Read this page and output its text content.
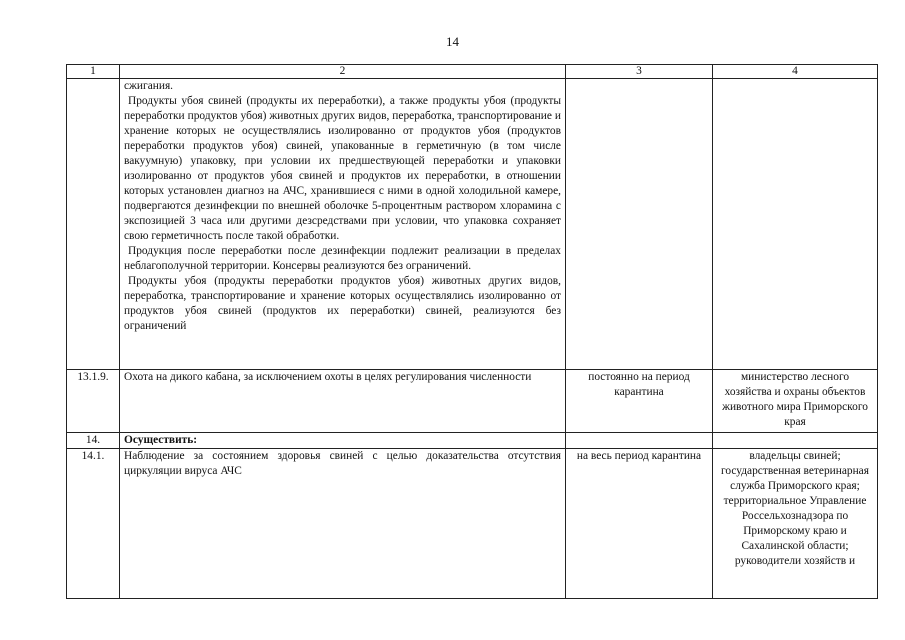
14
1	2	3	4

	сжигания.
Продукты убоя свиней (продукты их переработки), а также продукты убоя (продукты переработки продуктов убоя) животных других видов, переработка, транспортирование и хранение которых не осуществлялись изолированно от продуктов убоя (продуктов переработки продуктов убоя) свиней, упакованные в герметичную (в том числе вакуумную) упаковку, при условии их предшествующей переработки и упаковки изолированно от продуктов убоя свиней и продуктов их переработки, в отношении которых установлен диагноз на АЧС, хранившиеся с ними в одной холодильной камере, подвергаются дезинфекции по внешней оболочке 5-процентным раствором хлорамина с экспозицией 3 часа или другими дезсредствами при условии, что упаковка сохраняет свою герметичность после такой обработки.
Продукция после переработки после дезинфекции подлежит реализации в пределах неблагополучной территории. Консервы реализуются без ограничений.
Продукты убоя (продукты переработки продуктов убоя) животных других видов, переработка, транспортирование и хранение которых осуществлялись изолированно от продуктов убоя свиней (продуктов их переработки) свиней, реализуются без ограничений		

13.1.9.	Охота на дикого кабана, за исключением охоты в целях регулирования численности	постоянно на период карантина	министерство лесного хозяйства и охраны объектов животного мира Приморского края
14.	Осуществить:		
14.1.	Наблюдение за состоянием здоровья свиней с целью доказательства отсутствия циркуляции вируса АЧС	на весь период карантина	владельцы свиней; государственная ветеринарная служба Приморского края; территориальное Управление Россельхознадзора по Приморскому краю и Сахалинской области; руководители хозяйств и
